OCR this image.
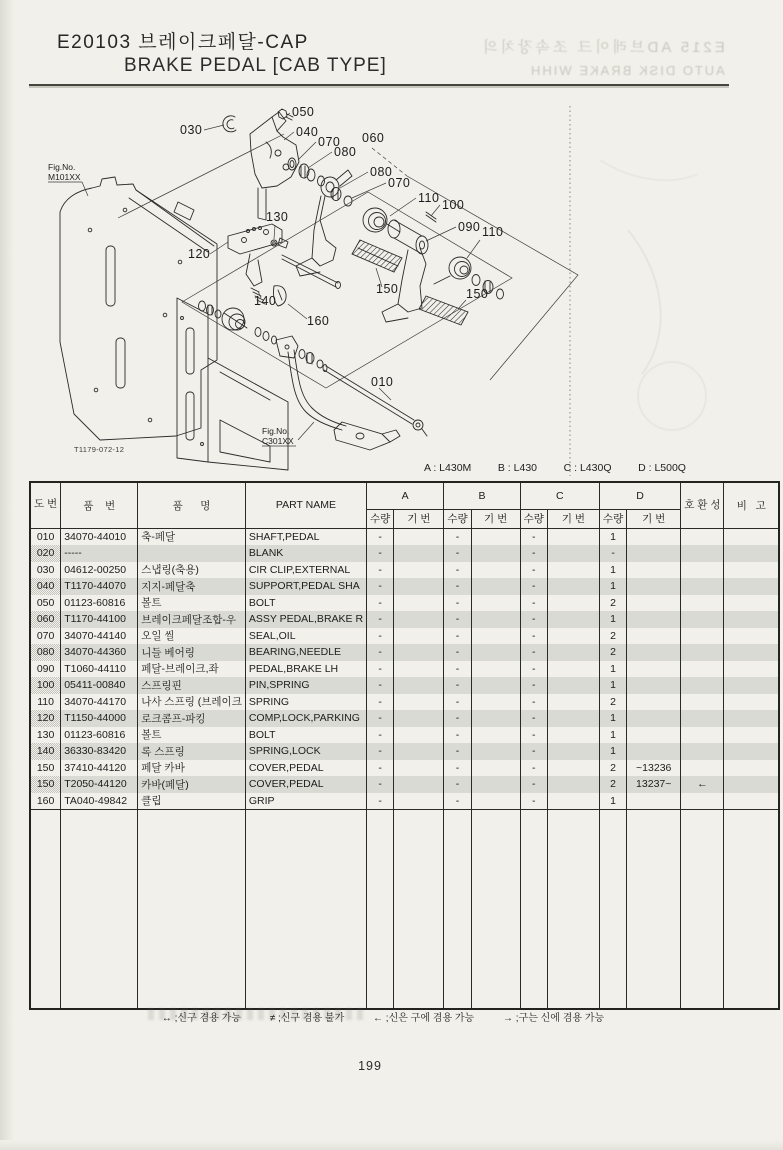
E20103 브레이크페달-CAP
BRAKE PEDAL [CAB TYPE]
E215 AD브레이크 조속장치의
AUTO DISK BRAKE WIHH
030
050
040
070 060
080
080
070
110 100
090 110
130
120
150	150
140
160
010
Fig.No.
M101XX
Fig.No.
C301XX
T1179-072-12
A : L430M	B : L430	C : L430Q	D : L500Q
도 번	품    번	품      명	PART NAME	A		B		C		D		호 환 성	비   고
				수량	기 번	수량	기 번	수량	기 번	수량	기 번		
010	34070-44010	축-페달	SHAFT,PEDAL	-		-		-		1			
020	-----		BLANK	-		-		-		-			
030	04612-00250	스냅링(축용)	CIR CLIP,EXTERNAL	-		-		-		1			
040	T1170-44070	지지-페달축	SUPPORT,PEDAL SHA	-		-		-		1			
050	01123-60816	볼트	BOLT	-		-		-		2			
060	T1170-44100	브레이크페달조합-우	ASSY PEDAL,BRAKE R	-		-		-		1			
070	34070-44140	오일 씰	SEAL,OIL	-		-		-		2			
080	34070-44360	니들 베어링	BEARING,NEEDLE	-		-		-		2			
090	T1060-44110	페달-브레이크,좌	PEDAL,BRAKE LH	-		-		-		1			
100	05411-00840	스프링핀	PIN,SPRING	-		-		-		1			
110	34070-44170	나사 스프링 (브레이크	SPRING	-		-		-		2			
120	T1150-44000	로크콤프-파킹	COMP,LOCK,PARKING	-		-		-		1			
130	01123-60816	볼트	BOLT	-		-		-		1			
140	36330-83420	록 스프링	SPRING,LOCK	-		-		-		1			
150	37410-44120	페달 카바	COVER,PEDAL	-		-		-		2	~13236		
150	T2050-44120	카바(페달)	COVER,PEDAL	-		-		-		2	13237~	←	
160	TA040-49842	클립	GRIP	-		-		-		1			

↔ ;신구 겸용 가능	≠ ;신구 겸용 불가	← ;신은 구에 겸용 가능	→ ;구는 신에 겸용 가능
199
